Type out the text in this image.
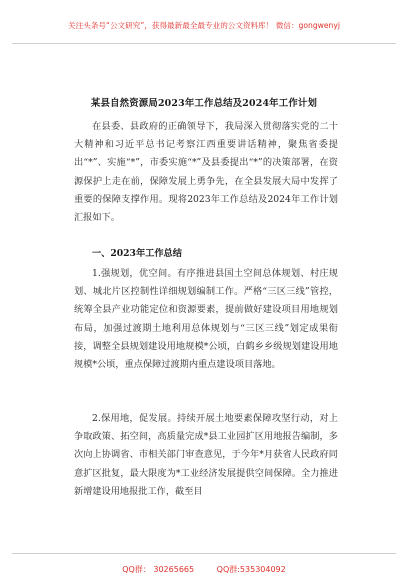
关注头条号“公文研究”，获得最新最全最专业的公文资料库！ 微信：gongwenyj
某县自然资源局2023年工作总结及2024年工作计划

在县委、县政府的正确领导下，我局深入贯彻落实党的二十大精神和习近平总书记考察江西重要讲话精神，聚焦省委提出“*”、实施“*”，市委实施“*”及县委提出“*”的决策部署，在资源保护上走在前，保障发展上勇争先，在全县发展大局中发挥了重要的保障支撑作用。现将2023年工作总结及2024年工作计划汇报如下。

一、2023年工作总结

1.强规划，优空间。有序推进县国土空间总体规划、村庄规划、城北片区控制性详细规划编制工作。严格“三区三线”管控，统筹全县产业功能定位和资源要素，提前做好建设项目用地规划布局，加强过渡期土地利用总体规划与“三区三线”划定成果衔接，调整全县规划建设用地规模*公顷，白鹤乡乡级规划建设用地规模*公顷，重点保障过渡期内重点建设项目落地。

2.保用地，促发展。持续开展土地要素保障攻坚行动，对上争取政策、拓空间，高质量完成*县工业园扩区用地报告编制，多次向上协调省、市相关部门审查意见，于今年*月获省人民政府同意扩区批复，最大限度为*工业经济发展提供空间保障。全力推进新增建设用地报批工作，截至目

QQ群： 30265665	QQ群:535304092
